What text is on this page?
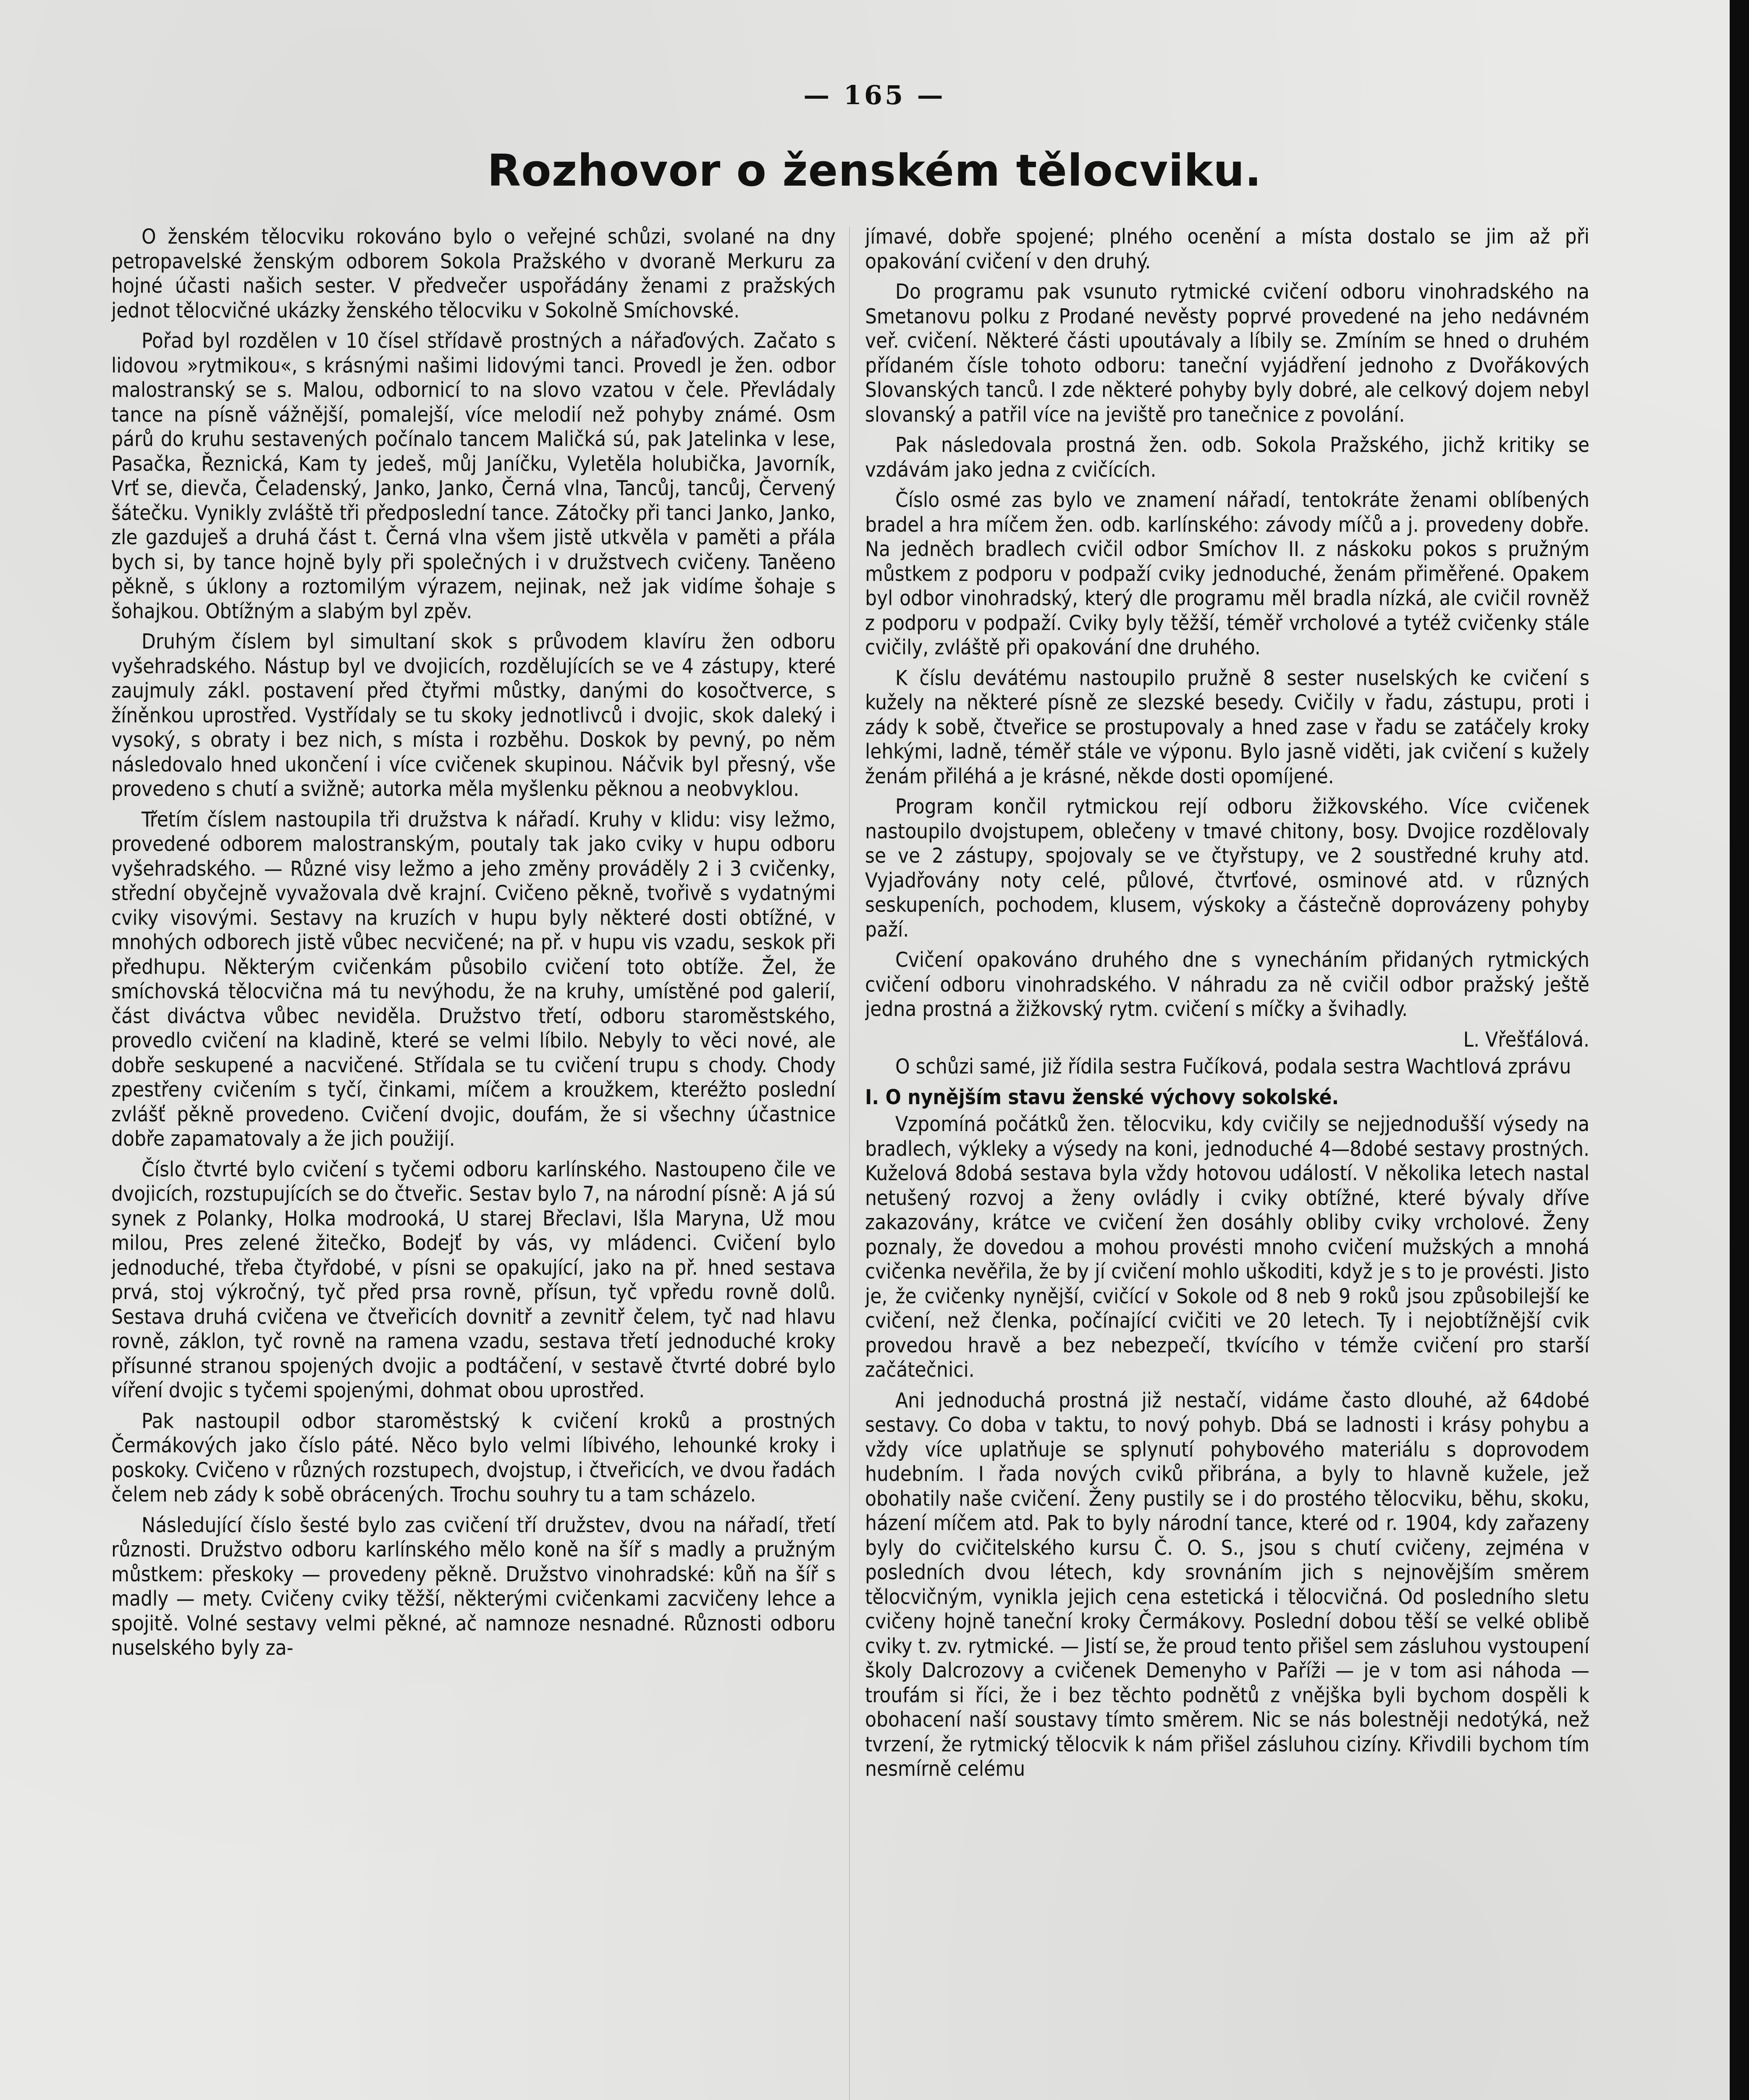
— 165 —
Rozhovor o ženském tělocviku.

O ženském tělocviku rokováno bylo o veřejné schůzi, svolané na dny petropavelské ženským odborem Sokola Pražského v dvoraně Merkuru za hojné účasti našich sester. V předvečer uspořádány ženami z pražských jednot tělocvičné ukázky ženského tělocviku v Sokolně Smíchovské.

Pořad byl rozdělen v 10 čísel střídavě prostných a nářaďových. Začato s lidovou »rytmikou«, s krásnými našimi lidovými tanci. Provedl je žen. odbor malostranský se s. Malou, odbornicí to na slovo vzatou v čele. Převládaly tance na písně vážnější, pomalejší, více melodií než pohyby známé. Osm párů do kruhu sestavených počínalo tancem Maličká sú, pak Jatelinka v lese, Pasačka, Řeznická, Kam ty jedeš, můj Janíčku, Vyletěla holubička, Javorník, Vrť se, dievča, Čeladenský, Janko, Janko, Černá vlna, Tancůj, tancůj, Červený šátečku. Vynikly zvláště tři předposlední tance. Zátočky při tanci Janko, Janko, zle gazduješ a druhá část t. Černá vlna všem jistě utkvěla v paměti a přála bych si, by tance hojně byly při společných i v družstvech cvičeny. Taněeno pěkně, s úklony a roztomilým výrazem, nejinak, než jak vidíme šohaje s šohajkou. Obtížným a slabým byl zpěv.

Druhým číslem byl simultaní skok s průvodem klavíru žen odboru vyšehradského. Nástup byl ve dvojicích, rozdělujících se ve 4 zástupy, které zaujmuly zákl. postavení před čtyřmi můstky, danými do kosočtverce, s žíněnkou uprostřed. Vystřídaly se tu skoky jednotlivců i dvojic, skok daleký i vysoký, s obraty i bez nich, s místa i rozběhu. Doskok by pevný, po něm následovalo hned ukončení i více cvičenek skupinou. Náčvik byl přesný, vše provedeno s chutí a svižně; autorka měla myšlenku pěknou a neobvyklou.

Třetím číslem nastoupila tři družstva k nářadí. Kruhy v klidu: visy ležmo, provedené odborem malostranským, poutaly tak jako cviky v hupu odboru vyšehradského. — Různé visy ležmo a jeho změny prováděly 2 i 3 cvičenky, střední obyčejně vyvažovala dvě krajní. Cvičeno pěkně, tvořivě s vydatnými cviky visovými. Sestavy na kruzích v hupu byly některé dosti obtížné, v mnohých odborech jistě vůbec necvičené; na př. v hupu vis vzadu, seskok při předhupu. Některým cvičenkám působilo cvičení toto obtíže. Žel, že smíchovská tělocvična má tu nevýhodu, že na kruhy, umístěné pod galerií, část diváctva vůbec neviděla. Družstvo třetí, odboru staroměstského, provedlo cvičení na kladině, které se velmi líbilo. Nebyly to věci nové, ale dobře seskupené a nacvičené. Střídala se tu cvičení trupu s chody. Chody zpestřeny cvičením s tyčí, činkami, míčem a kroužkem, kteréžto poslední zvlášť pěkně provedeno. Cvičení dvojic, doufám, že si všechny účastnice dobře zapamatovaly a že jich použijí.

Číslo čtvrté bylo cvičení s tyčemi odboru karlínského. Nastoupeno čile ve dvojicích, rozstupujících se do čtveřic. Sestav bylo 7, na národní písně: A já sú synek z Polanky, Holka modrooká, U starej Břeclavi, Išla Maryna, Už mou milou, Pres zelené žitečko, Bodejť by vás, vy mládenci. Cvičení bylo jednoduché, třeba čtyřdobé, v písni se opakující, jako na př. hned sestava prvá, stoj výkročný, tyč před prsa rovně, přísun, tyč vpředu rovně dolů. Sestava druhá cvičena ve čtveřicích dovnitř a zevnitř čelem, tyč nad hlavu rovně, záklon, tyč rovně na ramena vzadu, sestava třetí jednoduché kroky přísunné stranou spojených dvojic a podtáčení, v sestavě čtvrté dobré bylo víření dvojic s tyčemi spojenými, dohmat obou uprostřed.

Pak nastoupil odbor staroměstský k cvičení kroků a prostných Čermákových jako číslo páté. Něco bylo velmi líbivého, lehounké kroky i poskoky. Cvičeno v různých rozstupech, dvojstup, i čtveřicích, ve dvou řadách čelem neb zády k sobě obrácených. Trochu souhry tu a tam scházelo.

Následující číslo šesté bylo zas cvičení tří družstev, dvou na nářadí, třetí různosti. Družstvo odboru karlínského mělo koně na šíř s madly a pružným můstkem: přeskoky — provedeny pěkně. Družstvo vinohradské: kůň na šíř s madly — mety. Cvičeny cviky těžší, některými cvičenkami zacvičeny lehce a spojitě. Volné sestavy velmi pěkné, ač namnoze nesnadné. Různosti odboru nuselského byly za-

jímavé, dobře spojené; plného ocenění a místa dostalo se jim až při opakování cvičení v den druhý.

Do programu pak vsunuto rytmické cvičení odboru vinohradského na Smetanovu polku z Prodané nevěsty poprvé provedené na jeho nedávném veř. cvičení. Některé části upoutávaly a líbily se. Zmíním se hned o druhém přídaném čísle tohoto odboru: taneční vyjádření jednoho z Dvořákových Slovanských tanců. I zde některé pohyby byly dobré, ale celkový dojem nebyl slovanský a patřil více na jeviště pro tanečnice z povolání.

Pak následovala prostná žen. odb. Sokola Pražského, jichž kritiky se vzdávám jako jedna z cvičících.

Číslo osmé zas bylo ve znamení nářadí, tentokráte ženami oblíbených bradel a hra míčem žen. odb. karlínského: závody míčů a j. provedeny dobře. Na jedněch bradlech cvičil odbor Smíchov II. z náskoku pokos s pružným můstkem z podporu v podpaží cviky jednoduché, ženám přiměřené. Opakem byl odbor vinohradský, který dle programu měl bradla nízká, ale cvičil rovněž z podporu v podpaží. Cviky byly těžší, téměř vrcholové a tytéž cvičenky stále cvičily, zvláště při opakování dne druhého.

K číslu devátému nastoupilo pružně 8 sester nuselských ke cvičení s kužely na některé písně ze slezské besedy. Cvičily v řadu, zástupu, proti i zády k sobě, čtveřice se prostupovaly a hned zase v řadu se zatáčely kroky lehkými, ladně, téměř stále ve výponu. Bylo jasně viděti, jak cvičení s kužely ženám přiléhá a je krásné, někde dosti opomíjené.

Program končil rytmickou rejí odboru žižkovského. Více cvičenek nastoupilo dvojstupem, oblečeny v tmavé chitony, bosy. Dvojice rozdělovaly se ve 2 zástupy, spojovaly se ve čtyřstupy, ve 2 soustředné kruhy atd. Vyjadřovány noty celé, půlové, čtvrťové, osminové atd. v různých seskupeních, pochodem, klusem, výskoky a částečně doprovázeny pohyby paží.

Cvičení opakováno druhého dne s vynecháním přidaných rytmických cvičení odboru vinohradského. V náhradu za ně cvičil odbor pražský ještě jedna prostná a žižkovský rytm. cvičení s míčky a švihadly.

L. Vřešťálová.

O schůzi samé, již řídila sestra Fučíková, podala sestra Wachtlová zprávu

I. O nynějším stavu ženské výchovy sokolské.

Vzpomíná počátků žen. tělocviku, kdy cvičily se nejjednodušší výsedy na bradlech, výkleky a výsedy na koni, jednoduché 4—8dobé sestavy prostných. Kuželová 8dobá sestava byla vždy hotovou událostí. V několika letech nastal netušený rozvoj a ženy ovládly i cviky obtížné, které bývaly dříve zakazovány, krátce ve cvičení žen dosáhly obliby cviky vrcholové. Ženy poznaly, že dovedou a mohou provésti mnoho cvičení mužských a mnohá cvičenka nevěřila, že by jí cvičení mohlo uškoditi, když je s to je provésti. Jisto je, že cvičenky nynější, cvičící v Sokole od 8 neb 9 roků jsou způsobilejší ke cvičení, než členka, počínající cvičiti ve 20 letech. Ty i nejobtížnější cvik provedou hravě a bez nebezpečí, tkvícího v témže cvičení pro starší začátečnici.

Ani jednoduchá prostná již nestačí, vidáme často dlouhé, až 64dobé sestavy. Co doba v taktu, to nový pohyb. Dbá se ladnosti i krásy pohybu a vždy více uplatňuje se splynutí pohybového materiálu s doprovodem hudebním. I řada nových cviků přibrána, a byly to hlavně kužele, jež obohatily naše cvičení. Ženy pustily se i do prostého tělocviku, běhu, skoku, házení míčem atd. Pak to byly národní tance, které od r. 1904, kdy zařazeny byly do cvičitelského kursu Č. O. S., jsou s chutí cvičeny, zejména v posledních dvou létech, kdy srovnáním jich s nejnovějším směrem tělocvičným, vynikla jejich cena estetická i tělocvičná. Od posledního sletu cvičeny hojně taneční kroky Čermákovy. Poslední dobou těší se velké oblibě cviky t. zv. rytmické. — Jistí se, že proud tento přišel sem zásluhou vystoupení školy Dalcrozovy a cvičenek Demenyho v Paříži — je v tom asi náhoda — troufám si říci, že i bez těchto podnětů z vnějška byli bychom dospěli k obohacení naší soustavy tímto směrem. Nic se nás bolestněji nedotýká, než tvrzení, že rytmický tělocvik k nám přišel zásluhou cizíny. Křivdili bychom tím nesmírně celému
